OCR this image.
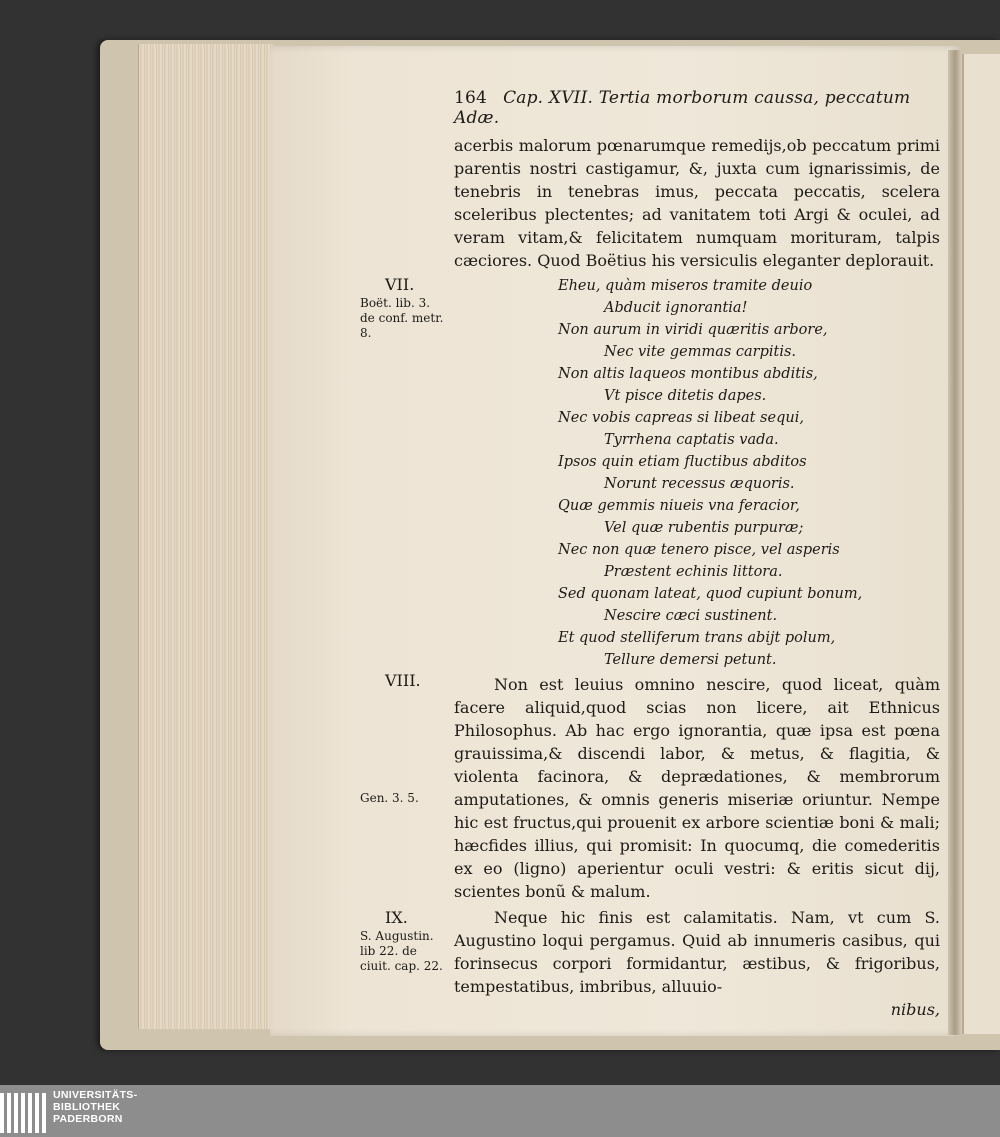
164 Cap. XVII. Tertia morborum caussa, peccatum Adæ.

acerbis malorum pœnarumque remedijs,ob peccatum primi parentis nostri castigamur, &, juxta cum ignarissimis, de tenebris in tenebras imus, peccata peccatis, scelera sceleribus plectentes; ad vanitatem toti Argi & oculei, ad veram vitam,& felicitatem numquam morituram, talpis cæciores. Quod Boëtius his versiculis eleganter deplorauit.

VII.
Boët. lib. 3.
de conf. metr.
8.
Eheu, quàm miseros tramite deuio
Abducit ignorantia!
Non aurum in viridi quæritis arbore,
Nec vite gemmas carpitis.
Non altis laqueos montibus abditis,
Vt pisce ditetis dapes.
Nec vobis capreas si libeat sequi,
Tyrrhena captatis vada.
Ipsos quin etiam fluctibus abditos
Norunt recessus æquoris.
Quæ gemmis niueis vna feracior,
Vel quæ rubentis purpuræ;
Nec non quæ tenero pisce, vel asperis
Præstent echinis littora.
Sed quonam lateat, quod cupiunt bonum,
Nescire cæci sustinent.
Et quod stelliferum trans abijt polum,
Tellure demersi petunt.
VIII.
Gen. 3. 5.
Non est leuius omnino nescire, quod liceat, quàm facere aliquid,quod scias non licere, ait Ethnicus Philosophus. Ab hac ergo ignorantia, quæ ipsa est pœna grauissima,& discendi labor, & metus, & flagitia, & violenta facinora, & deprædationes, & membrorum amputationes, & omnis generis miseriæ oriuntur. Nempe hic est fructus,qui prouenit ex arbore scientiæ boni & mali; hæcfides illius, qui promisit: In quocumq, die comederitis ex eo (ligno) aperientur oculi vestri: & eritis sicut dij, scientes bonũ & malum.
IX.
S. Augustin.
lib 22. de
ciuit. cap. 22.
Neque hic finis est calamitatis. Nam, vt cum S. Augustino loqui pergamus. Quid ab innumeris casibus, qui forinsecus corpori formidantur, æstibus, & frigoribus, tempestatibus, imbribus, alluuio-
nibus,
UNIVERSITÄTS-
BIBLIOTHEK
PADERBORN
